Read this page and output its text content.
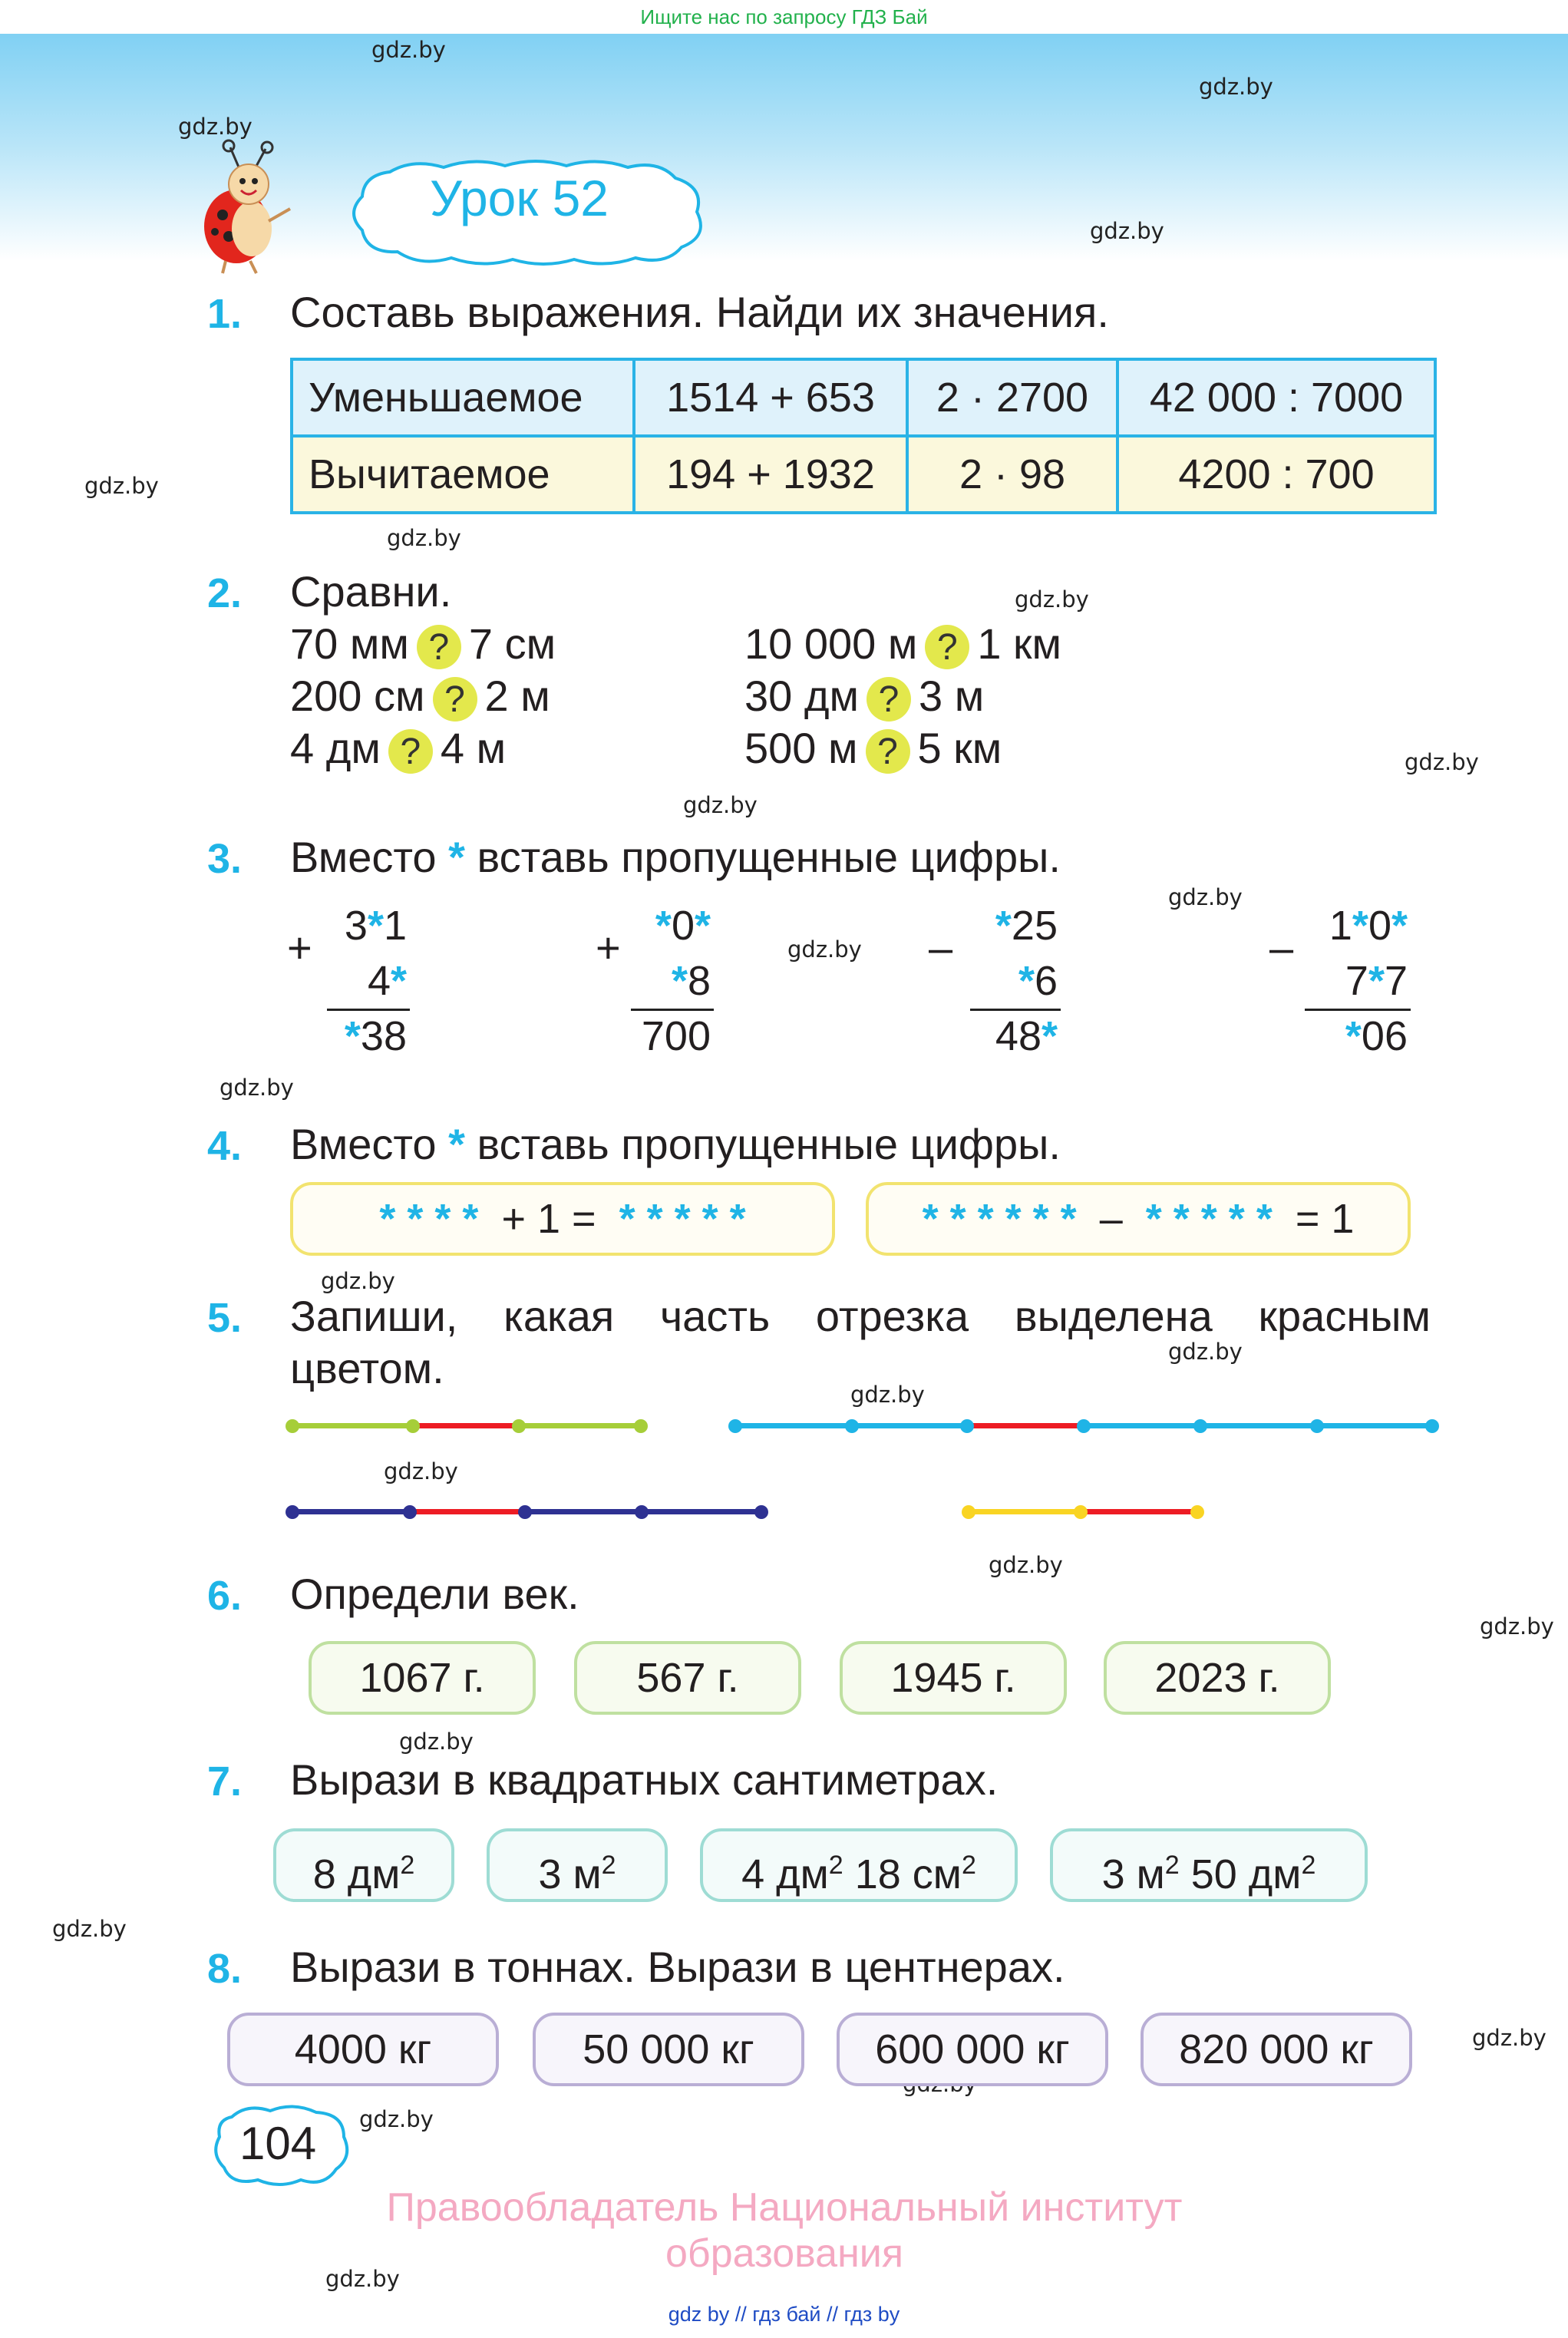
Ищите нас по запросу ГДЗ Бай
gdz.by
gdz.by
gdz.by
gdz.by
gdz.by
gdz.by
gdz.by
gdz.by
gdz.by
gdz.by
gdz.by
gdz.by
gdz.by
gdz.by
gdz.by
gdz.by
gdz.by
gdz.by
gdz.by
gdz.by
gdz.by
gdz.by
gdz.by
Урок 52
1. Составь выражения. Найди их значения.
Уменьшаемое	1514 + 653	2 · 2700	42 000 : 7000
Вычитаемое	194 + 1932	2 · 98	4200 : 700
2. Сравни.
70 мм ? 7 см
200 см ? 2 м
4 дм ? 4 м
10 000 м ? 1 км
30 дм ? 3 м
500 м ? 5 км
3. Вместо * вставь пропущенные цифры.
+ 3*1
4*
*38
+ *0*
*8
700
–	*25
*6
48*
– 1*0*
7*7
*06
4. Вместо * вставь пропущенные цифры.
* * * * + 1 = * * * * *	* * * * * * – * * * * * = 1
5. Запиши, какая часть отрезка выделена красным
цветом.
6. Определи век.
1067 г.	567 г.	1945 г.	2023 г.
7. Вырази в квадратных сантиметрах.
8 $дм^2$	3 $м^2$	4 $дм^2$ 18 $см^2$	3 $м^2$ 50 $дм^2$
8. Вырази в тоннах. Вырази в центнерах.
4000 кг	50 000 кг	600 000 кг	820 000 кг
104
Правообладатель Национальный институт образования
gdz by // гдз бай // гдз by
